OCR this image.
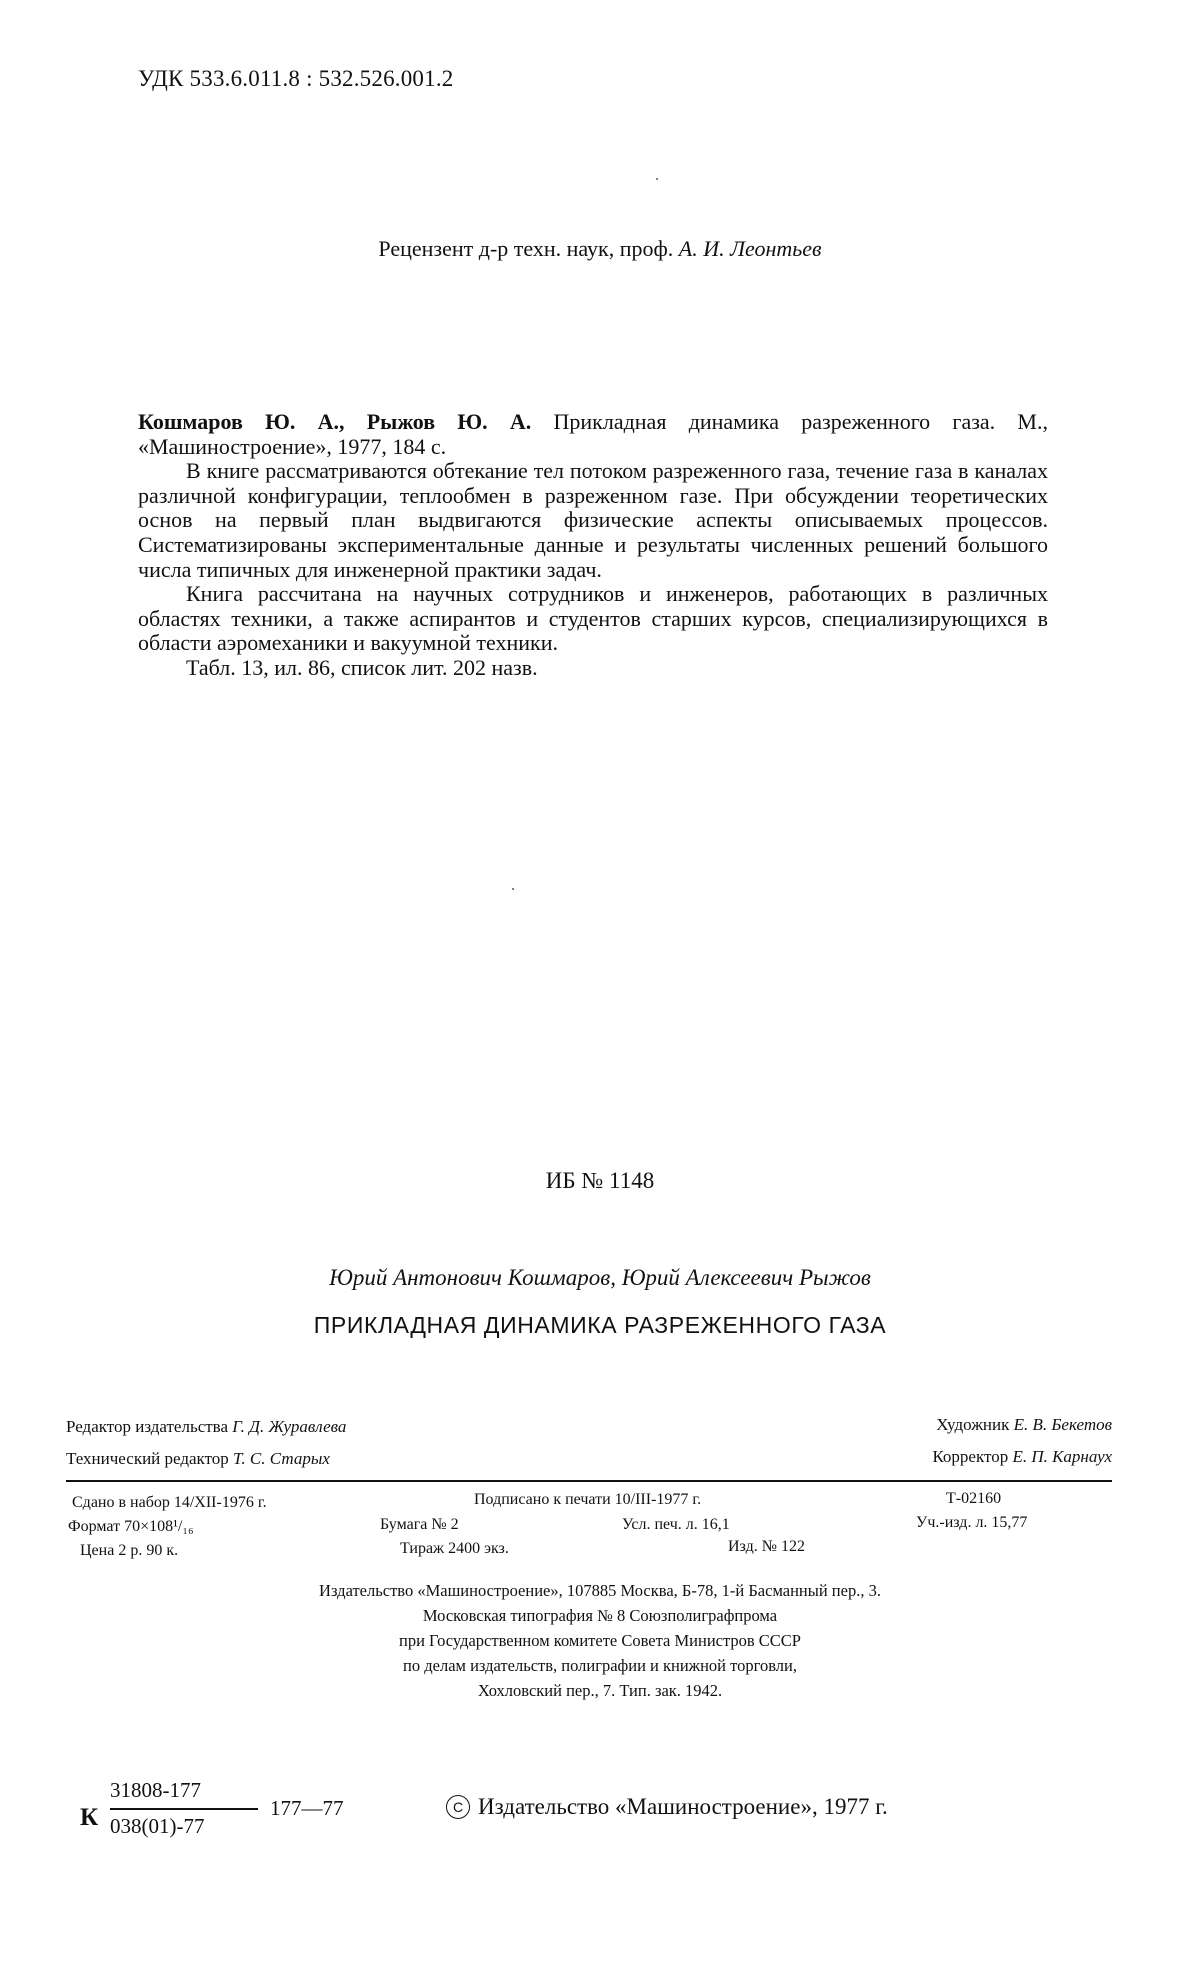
УДК 533.6.011.8 : 532.526.001.2
Рецензент д-р техн. наук, проф. А. И. Леонтьев

Кошмаров Ю. А., Рыжов Ю. А. Прикладная динамика разреженного газа. М., «Машиностроение», 1977, 184 с.

В книге рассматриваются обтекание тел потоком разреженного газа, течение газа в каналах различной конфигурации, теплообмен в разреженном газе. При обсуждении теоретических основ на первый план выдвигаются физические аспекты описываемых процессов. Систематизированы экспериментальные данные и результаты численных решений большого числа типичных для инженерной практики задач.

Книга рассчитана на научных сотрудников и инженеров, работающих в различных областях техники, а также аспирантов и студентов старших курсов, специализирующихся в области аэромеханики и вакуумной техники.

Табл. 13, ил. 86, список лит. 202 назв.

ИБ № 1148
Юрий Антонович Кошмаров, Юрий Алексеевич Рыжов
ПРИКЛАДНАЯ ДИНАМИКА РАЗРЕЖЕННОГО ГАЗА
Редактор издательства Г. Д. Журавлева
Технический редактор Т. С. Старых
Художник Е. В. Бекетов
Корректор Е. П. Карнаух
Сдано в набор 14/XII-1976 г.	Подписано к печати 10/III-1977 г.	Т-02160
Формат 70×108¹/₁₆	Бумага № 2	Усл. печ. л. 16,1	Уч.-изд. л. 15,77
Цена 2 р. 90 к.	Тираж 2400 экз.	Изд. № 122
Издательство «Машиностроение», 107885 Москва, Б-78, 1-й Басманный пер., 3.
Московская типография № 8 Союзполиграфпрома
при Государственном комитете Совета Министров СССР
по делам издательств, полиграфии и книжной торговли,
Хохловский пер., 7. Тип. зак. 1942.
К
31808-177
038(01)-77
177—77	C Издательство «Машиностроение», 1977 г.
